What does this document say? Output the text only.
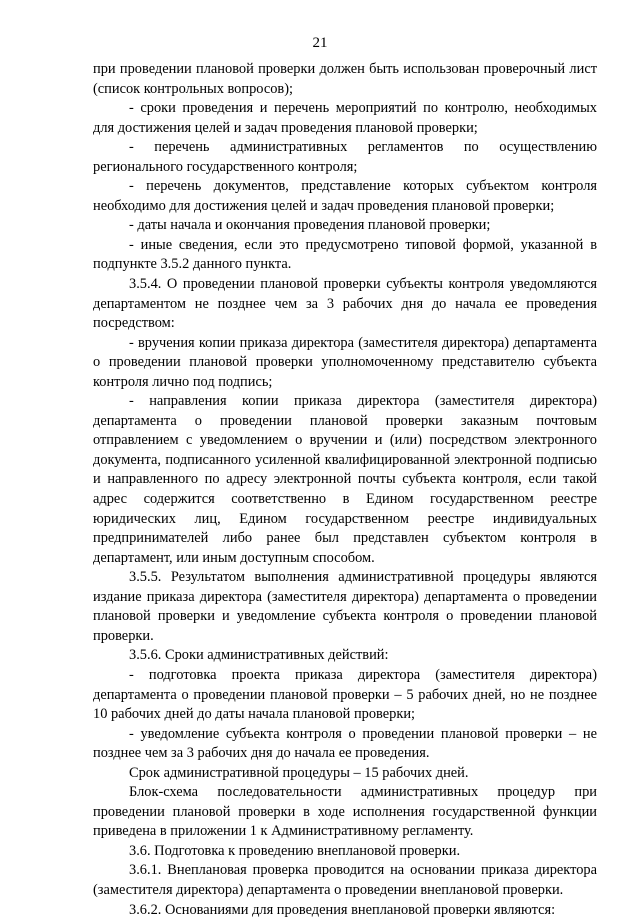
21

при проведении плановой проверки должен быть использован проверочный лист (список контрольных вопросов);

- сроки проведения и перечень мероприятий по контролю, необходимых для достижения целей и задач проведения плановой проверки;

- перечень административных регламентов по осуществлению регионального государственного контроля;

- перечень документов, представление которых субъектом контроля необходимо для достижения целей и задач проведения плановой проверки;

- даты начала и окончания проведения плановой проверки;

- иные сведения, если это предусмотрено типовой формой, указанной в подпункте 3.5.2 данного пункта.

3.5.4. О проведении плановой проверки субъекты контроля уведомляются департаментом не позднее чем за 3 рабочих дня до начала ее проведения посредством:

- вручения копии приказа директора (заместителя директора) департамента о проведении плановой проверки уполномоченному представителю субъекта контроля лично под подпись;

- направления копии приказа директора (заместителя директора) департамента о проведении плановой проверки заказным почтовым отправлением с уведомлением о вручении и (или) посредством электронного документа, подписанного усиленной квалифицированной электронной подписью и направленного по адресу электронной почты субъекта контроля, если такой адрес содержится соответственно в Едином государственном реестре юридических лиц, Едином государственном реестре индивидуальных предпринимателей либо ранее был представлен субъектом контроля в департамент, или иным доступным способом.

3.5.5. Результатом выполнения административной процедуры являются издание приказа директора (заместителя директора) департамента о проведении плановой проверки и уведомление субъекта контроля о проведении плановой проверки.

3.5.6. Сроки административных действий:

- подготовка проекта приказа директора (заместителя директора) департамента о проведении плановой проверки – 5 рабочих дней, но не позднее 10 рабочих дней до даты начала плановой проверки;

- уведомление субъекта контроля о проведении плановой проверки – не позднее чем за 3 рабочих дня до начала ее проведения.

Срок административной процедуры – 15 рабочих дней.

Блок-схема последовательности административных процедур при проведении плановой проверки в ходе исполнения государственной функции приведена в приложении 1 к Административному регламенту.

3.6. Подготовка к проведению внеплановой проверки.

3.6.1. Внеплановая проверка проводится на основании приказа директора (заместителя директора) департамента о проведении внеплановой проверки.

3.6.2. Основаниями для проведения внеплановой проверки являются:
